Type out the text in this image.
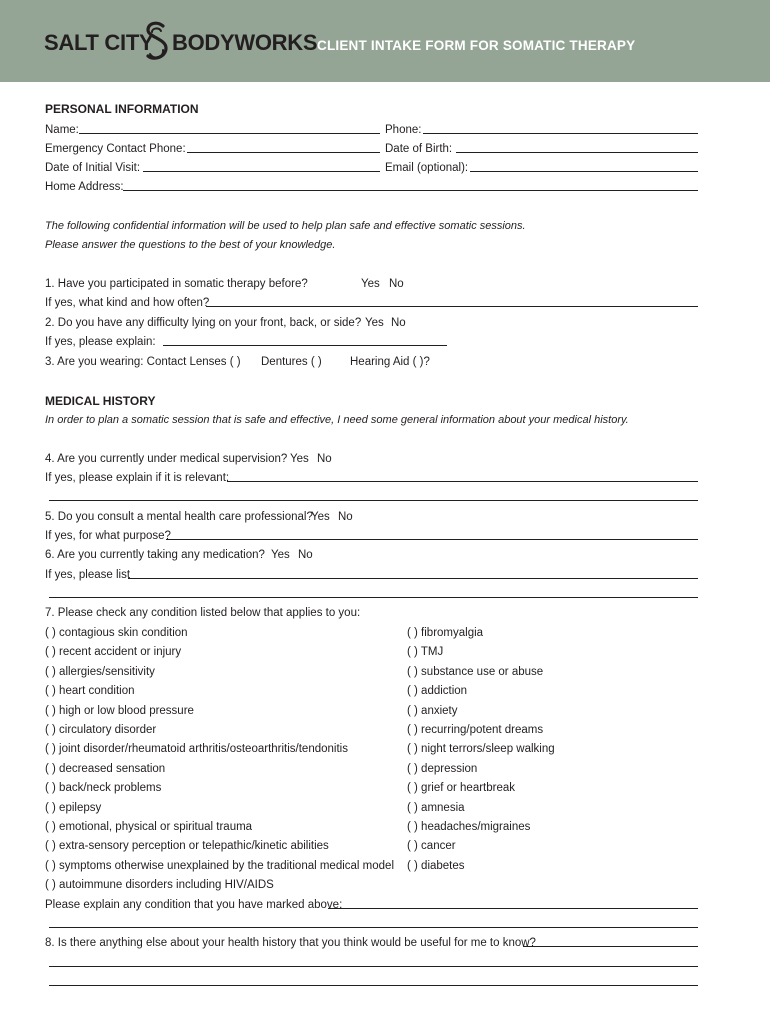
SALT CITY BODYWORKS CLIENT INTAKE FORM FOR SOMATIC THERAPY
PERSONAL INFORMATION
Name:	Phone:
Emergency Contact Phone:	Date of Birth:
Date of Initial Visit:	Email (optional):
Home Address:
The following confidential information will be used to help plan safe and effective somatic sessions.
Please answer the questions to the best of your knowledge.
1. Have you participated in somatic therapy before?	Yes No
If yes, what kind and how often?
2. Do you have any difficulty lying on your front, back, or side? Yes No
If yes, please explain:
3. Are you wearing: Contact Lenses ( ) Dentures ( ) Hearing Aid ( )?
MEDICAL HISTORY
In order to plan a somatic session that is safe and effective, I need some general information about your medical history.
4. Are you currently under medical supervision? Yes No
If yes, please explain if it is relevant:
5. Do you consult a mental health care professional?
Yes No
If yes, for what purpose?
6. Are you currently taking any medication? Yes No
If yes, please list
7. Please check any condition listed below that applies to you:
( ) contagious skin condition
( ) recent accident or injury
( ) allergies/sensitivity
( ) heart condition
( ) high or low blood pressure
( ) circulatory disorder
( ) joint disorder/rheumatoid arthritis/osteoarthritis/tendonitis
( ) decreased sensation
( ) back/neck problems
( ) epilepsy
( ) emotional, physical or spiritual trauma
( ) extra-sensory perception or telepathic/kinetic abilities
( ) symptoms otherwise unexplained by the traditional medical model
( ) autoimmune disorders including HIV/AIDS
( ) fibromyalgia
( ) TMJ
( ) substance use or abuse
( ) addiction
( ) anxiety
( ) recurring/potent dreams
( ) night terrors/sleep walking
( ) depression
( ) grief or heartbreak
( ) amnesia
( ) headaches/migraines
( ) cancer
( ) diabetes
Please explain any condition that you have marked above:
8. Is there anything else about your health history that you think would be useful for me to know?
